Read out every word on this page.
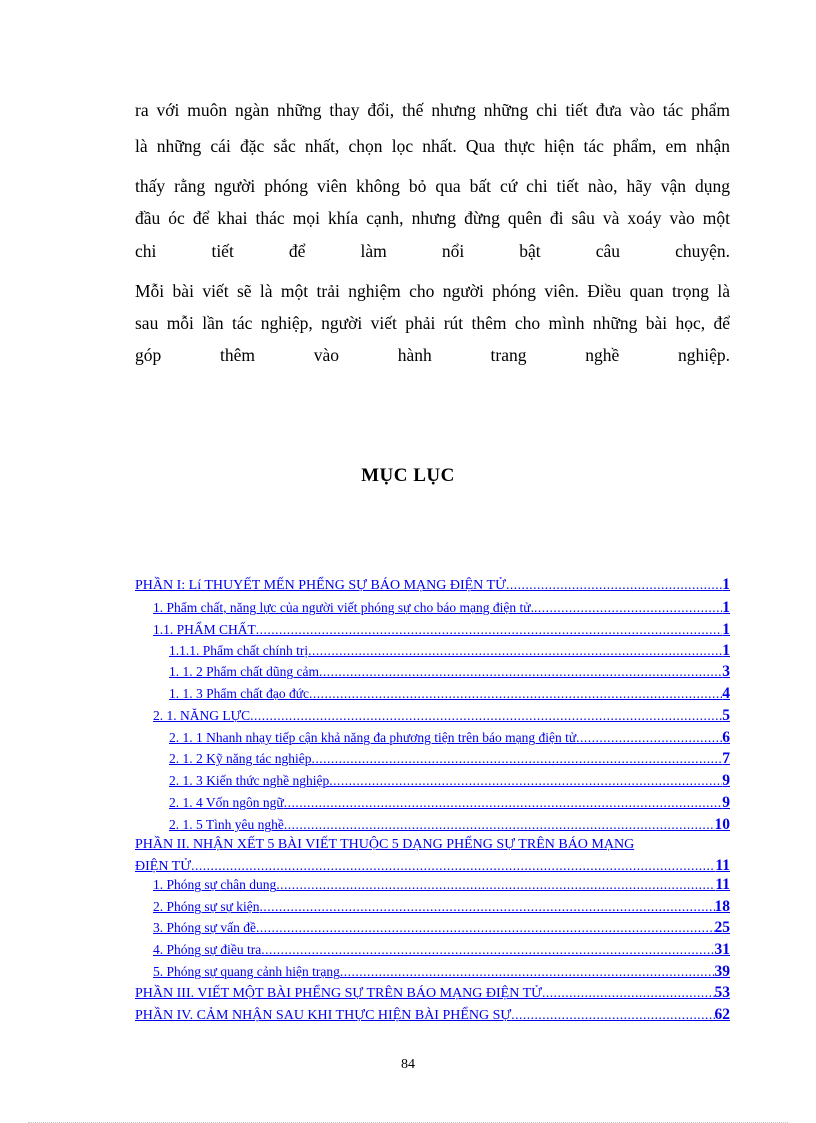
ra với muôn ngàn những thay đổi, thế nhưng những chi tiết đưa vào tác phẩm
là những cái đặc sắc nhất, chọn lọc nhất. Qua thực hiện tác phẩm, em nhận
thấy rằng người phóng viên không bỏ qua bất cứ chi tiết nào, hãy vận dụng
đầu óc để khai thác mọi khía cạnh, nhưng đừng quên đi sâu và xoáy vào một
chi tiết để làm nổi bật câu chuyện.
Mỗi bài viết sẽ là một trải nghiệm cho người phóng viên. Điều quan trọng là
sau mỗi lần tác nghiệp, người viết phải rút thêm cho mình những bài học, để
góp thêm vào hành trang nghề nghiệp.
MỤC LỤC
PHẦN I: Lí THUYẾT MẾN PHỂNG SỰ BÁO MẠNG ĐIỆN TỬ .....	1
1. Phẩm chất, năng lực của người viết phóng sự cho báo mạng điện tử. .....	1
1.1. PHẨM CHẤT .....	1
1.1.1. Phẩm chất chính trị .....	1
1. 1. 2 Phẩm chất dũng cảm .....	3
1. 1. 3 Phẩm chất đạo đức .....	4
2. 1. NĂNG LỰC .....	5
2. 1. 1 Nhanh nhạy tiếp cận khả năng đa phương tiện trên báo mạng điện tử .....	6
2. 1. 2 Kỹ năng tác nghiệp .....	7
2. 1. 3 Kiến thức nghề nghiệp .....	9
2. 1. 4 Vốn ngôn ngữ .....	9
2. 1. 5 Tình yêu nghề .....	10
PHẦN II. NHẬN XẾT 5 BÀI VIẾT THUỘC 5 DẠNG PHỂNG SỰ TRÊN BÁO MẠNG
ĐIỆN TỬ .....	11
1. Phóng sự chân dung .....	11
2. Phóng sự sự kiện .....	18
3. Phóng sự vấn đề .....	25
4. Phóng sự điều tra .....	31
5. Phóng sự quang cảnh hiện trạng .....	39
PHẦN III. VIẾT MỘT BÀI PHỂNG SỰ TRÊN BÁO MẠNG ĐIỆN TỬ .....	53
PHẦN IV. CẢM NHẬN SAU KHI THỰC HIỆN BÀI PHỂNG SỰ .....	62
84
